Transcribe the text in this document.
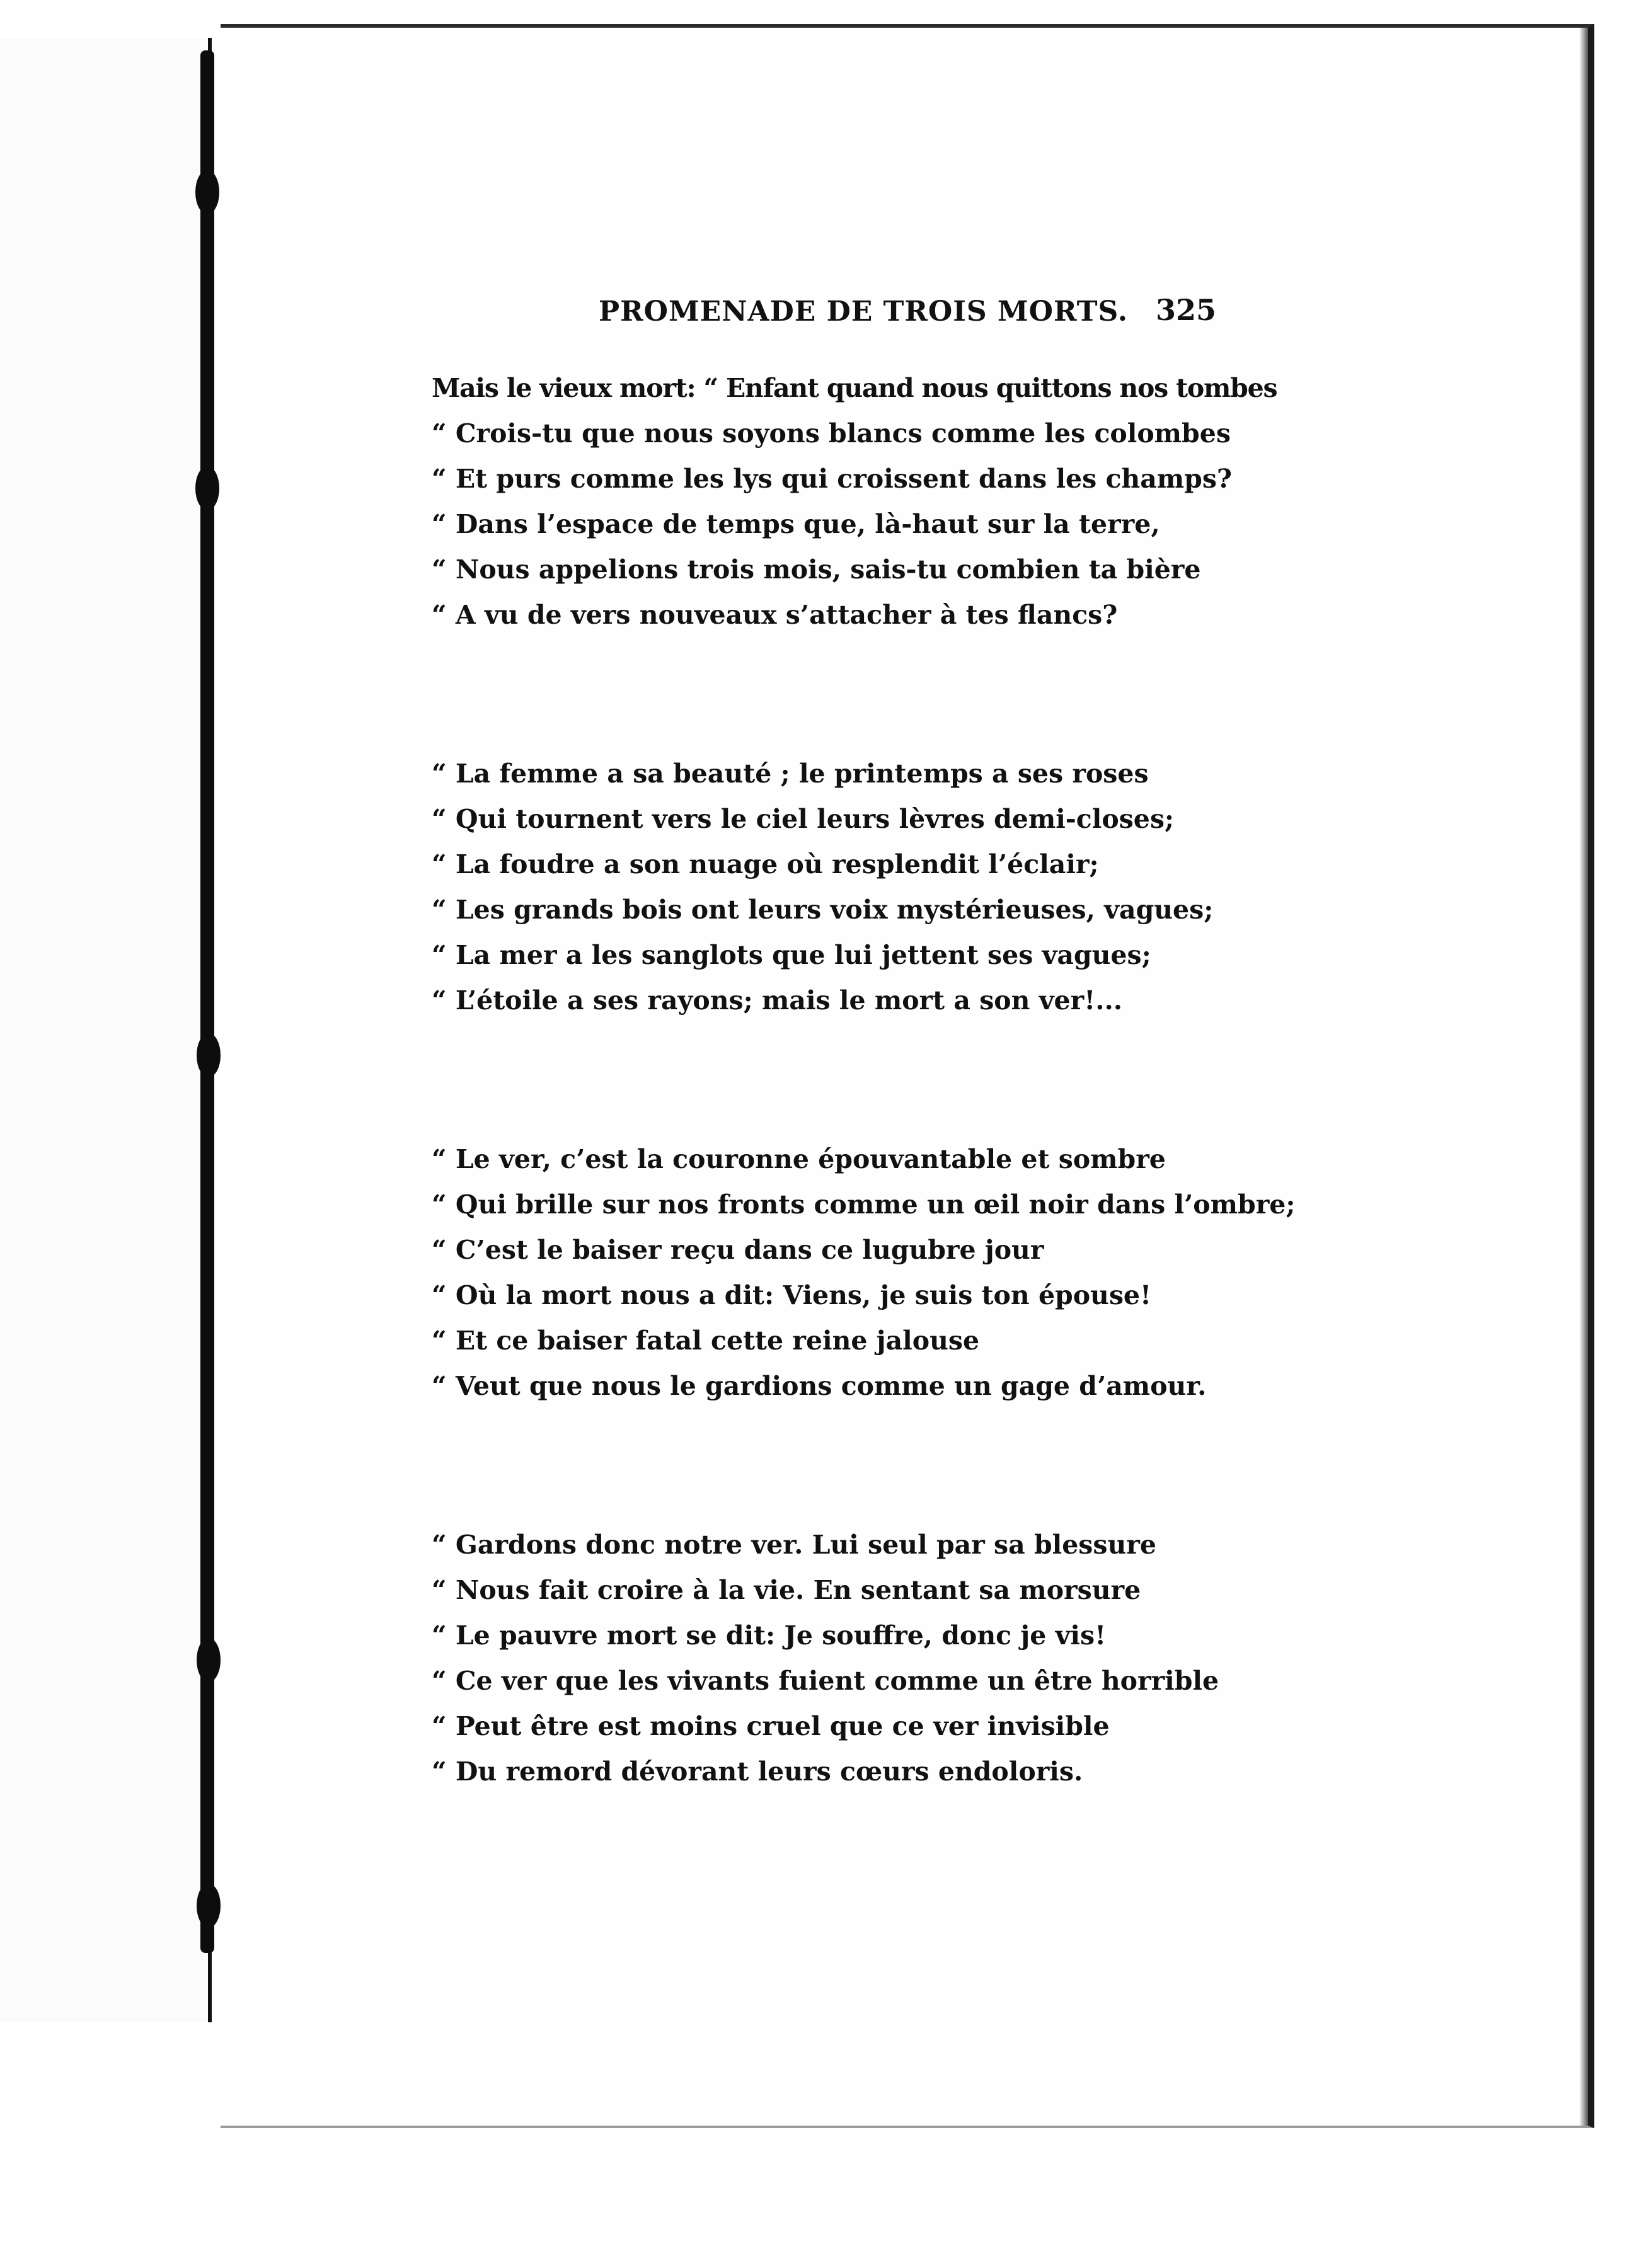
PROMENADE DE TROIS MORTS. 325
Mais le vieux mort: “ Enfant quand nous quittons nos tombes
“ Crois-tu que nous soyons blancs comme les colombes
“ Et purs comme les lys qui croissent dans les champs?
“ Dans l’espace de temps que, là-haut sur la terre,
“ Nous appelions trois mois, sais-tu combien ta bière
“ A vu de vers nouveaux s’attacher à tes flancs?
“ La femme a sa beauté ; le printemps a ses roses
“ Qui tournent vers le ciel leurs lèvres demi-closes;
“ La foudre a son nuage où resplendit l’éclair;
“ Les grands bois ont leurs voix mystérieuses, vagues;
“ La mer a les sanglots que lui jettent ses vagues;
“ L’étoile a ses rayons; mais le mort a son ver!...
“ Le ver, c’est la couronne épouvantable et sombre
“ Qui brille sur nos fronts comme un œil noir dans l’ombre;
“ C’est le baiser reçu dans ce lugubre jour
“ Où la mort nous a dit: Viens, je suis ton épouse!
“ Et ce baiser fatal cette reine jalouse
“ Veut que nous le gardions comme un gage d’amour.
“ Gardons donc notre ver. Lui seul par sa blessure
“ Nous fait croire à la vie. En sentant sa morsure
“ Le pauvre mort se dit: Je souffre, donc je vis!
“ Ce ver que les vivants fuient comme un être horrible
“ Peut être est moins cruel que ce ver invisible
“ Du remord dévorant leurs cœurs endoloris.
